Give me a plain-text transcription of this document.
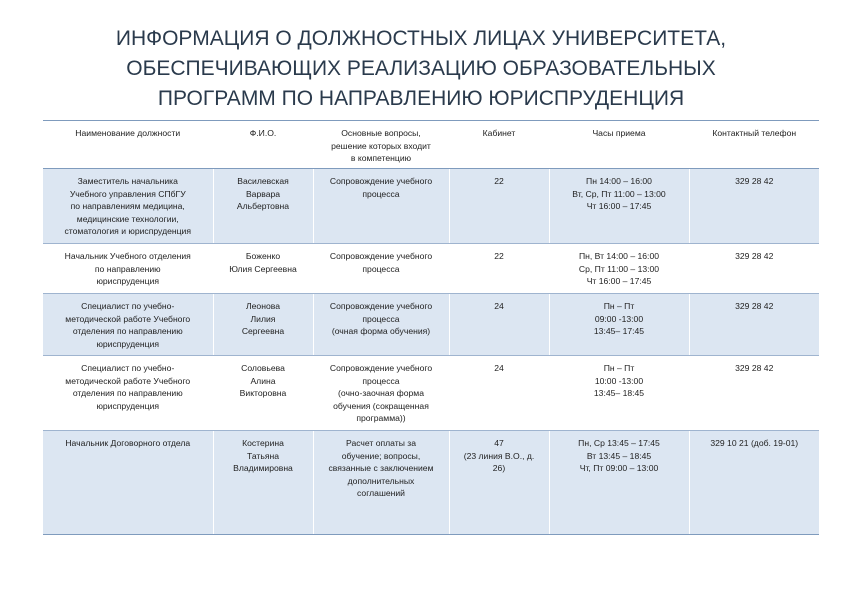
ИНФОРМАЦИЯ О ДОЛЖНОСТНЫХ ЛИЦАХ УНИВЕРСИТЕТА,
ОБЕСПЕЧИВАЮЩИХ РЕАЛИЗАЦИЮ ОБРАЗОВАТЕЛЬНЫХ
ПРОГРАММ ПО НАПРАВЛЕНИЮ ЮРИСПРУДЕНЦИЯ
Наименование должности	Ф.И.О.	Основные вопросы,
решение которых входит
в компетенцию	Кабинет	Часы приема	Контактный телефон

Заместитель начальника
Учебного управления СПбГУ
по направлениям медицина,
медицинские технологии,
стоматология и юриспруденция	Василевская
Варвара
Альбертовна	Сопровождение учебного
процесса	22	Пн 14:00 – 16:00
Вт, Ср, Пт 11:00 – 13:00
Чт 16:00 – 17:45	329 28 42

Начальник Учебного отделения
по направлению
юриспруденция	Боженко
Юлия Сергеевна	Сопровождение учебного
процесса	22	Пн, Вт 14:00 – 16:00
Ср, Пт 11:00 – 13:00
Чт 16:00 – 17:45	329 28 42

Специалист по учебно-
методической работе Учебного
отделения по направлению
юриспруденция	Леонова
Лилия
Сергеевна	Сопровождение учебного
процесса
(очная форма обучения)	24	Пн – Пт
09:00 -13:00
13:45– 17:45	329 28 42

Специалист по учебно-
методической работе Учебного
отделения по направлению
юриспруденция	Соловьева
Алина
Викторовна	Сопровождение учебного
процесса
(очно-заочная форма
обучения (сокращенная
программа))	24	Пн – Пт
10:00 -13:00
13:45– 18:45	329 28 42

Начальник Договорного отдела	Костерина
Татьяна
Владимировна	Расчет оплаты за
обучение; вопросы,
связанные с заключением
дополнительных
соглашений	47
(23 линия В.О., д.
26)	Пн, Ср 13:45 – 17:45
Вт 13:45 – 18:45
Чт, Пт 09:00 – 13:00	329 10 21 (доб. 19-01)
